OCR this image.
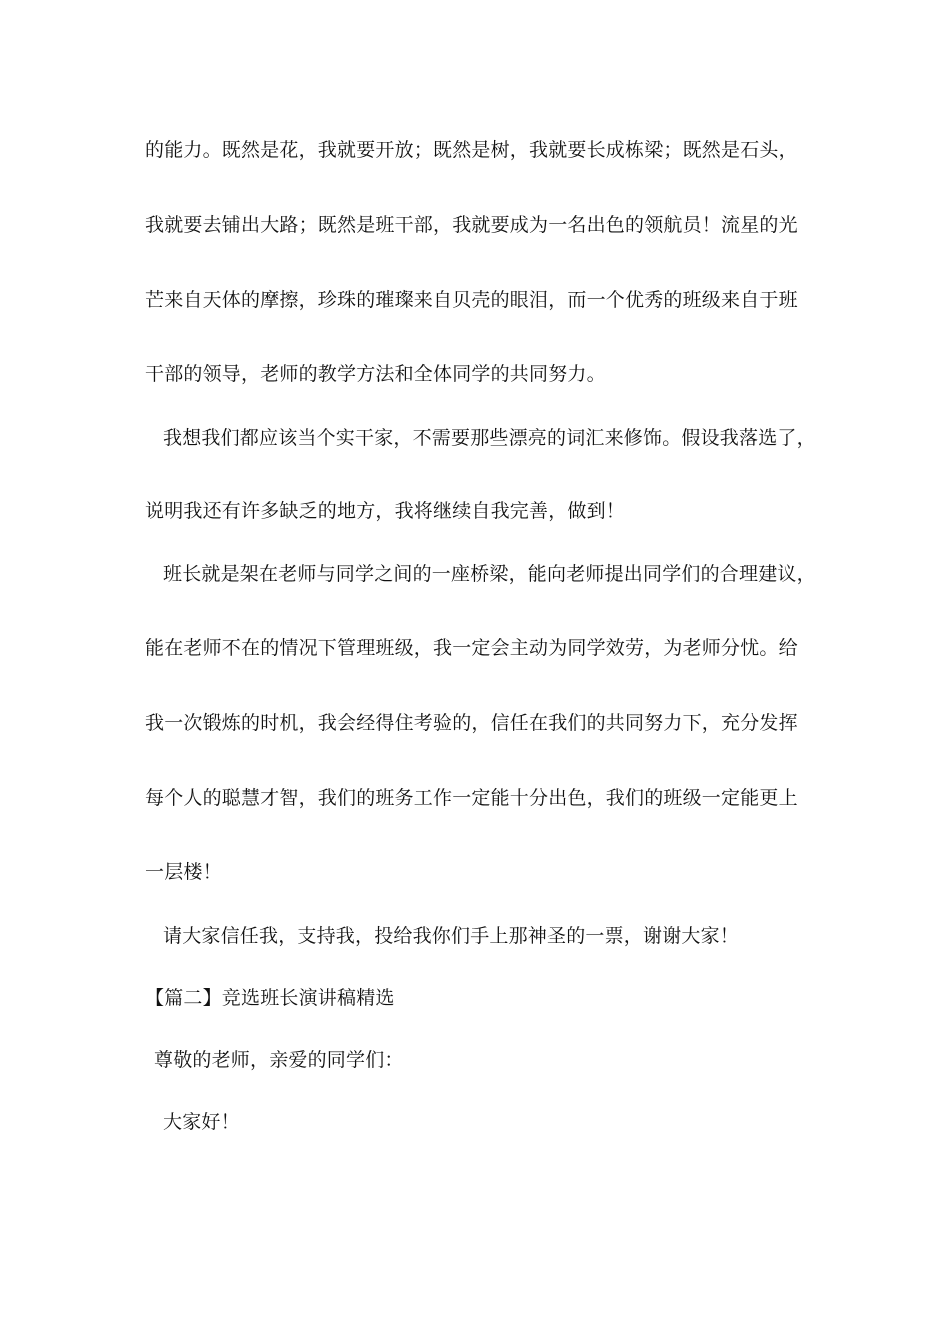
的能力。既然是花，我就要开放；既然是树，我就要长成栋梁；既然是石头，
我就要去铺出大路；既然是班干部，我就要成为一名出色的领航员！流星的光
芒来自天体的摩擦，珍珠的璀璨来自贝壳的眼泪，而一个优秀的班级来自于班
干部的领导，老师的教学方法和全体同学的共同努力。
我想我们都应该当个实干家，不需要那些漂亮的词汇来修饰。假设我落选了，
说明我还有许多缺乏的地方，我将继续自我完善，做到！
班长就是架在老师与同学之间的一座桥梁，能向老师提出同学们的合理建议，
能在老师不在的情况下管理班级，我一定会主动为同学效劳，为老师分忧。给
我一次锻炼的时机，我会经得住考验的，信任在我们的共同努力下，充分发挥
每个人的聪慧才智，我们的班务工作一定能十分出色，我们的班级一定能更上
一层楼！
请大家信任我，支持我，投给我你们手上那神圣的一票，谢谢大家！
【篇二】竞选班长演讲稿精选
尊敬的老师，亲爱的同学们：
大家好！
